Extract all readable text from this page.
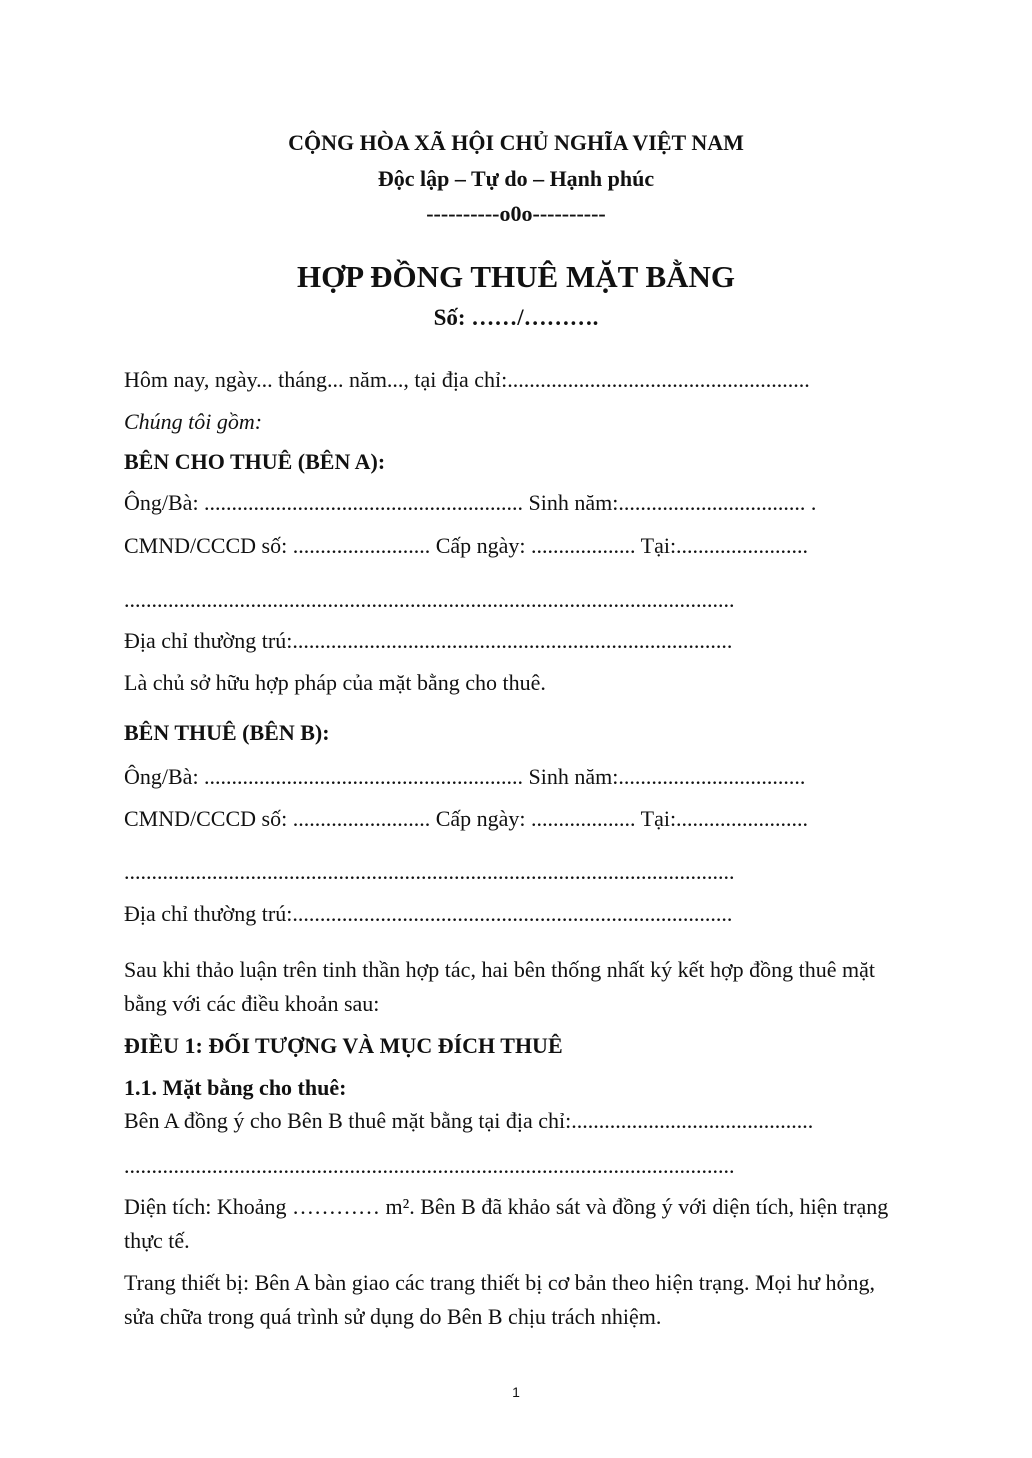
CỘNG HÒA XÃ HỘI CHỦ NGHĨA VIỆT NAM
Độc lập – Tự do – Hạnh phúc
----------o0o----------
HỢP ĐỒNG THUÊ MẶT BẰNG
Số: ……/……….
Hôm nay, ngày... tháng... năm..., tại địa chỉ:.......................................................
Chúng tôi gồm:
BÊN CHO THUÊ (BÊN A):
Ông/Bà: .......................................................... Sinh năm:.................................. .
CMND/CCCD số: ......................... Cấp ngày: ................... Tại:........................
...............................................................................................................
Địa chỉ thường trú:................................................................................
Là chủ sở hữu hợp pháp của mặt bằng cho thuê.
BÊN THUÊ (BÊN B):
Ông/Bà: .......................................................... Sinh năm:..................................
CMND/CCCD số: ......................... Cấp ngày: ................... Tại:........................
...............................................................................................................
Địa chỉ thường trú:................................................................................
Sau khi thảo luận trên tinh thần hợp tác, hai bên thống nhất ký kết hợp đồng thuê mặt bằng với các điều khoản sau:
ĐIỀU 1: ĐỐI TƯỢNG VÀ MỤC ĐÍCH THUÊ
1.1. Mặt bằng cho thuê:
Bên A đồng ý cho Bên B thuê mặt bằng tại địa chỉ:............................................
...............................................................................................................
Diện tích: Khoảng ………… m². Bên B đã khảo sát và đồng ý với diện tích, hiện trạng thực tế.
Trang thiết bị: Bên A bàn giao các trang thiết bị cơ bản theo hiện trạng. Mọi hư hỏng, sửa chữa trong quá trình sử dụng do Bên B chịu trách nhiệm.
1
